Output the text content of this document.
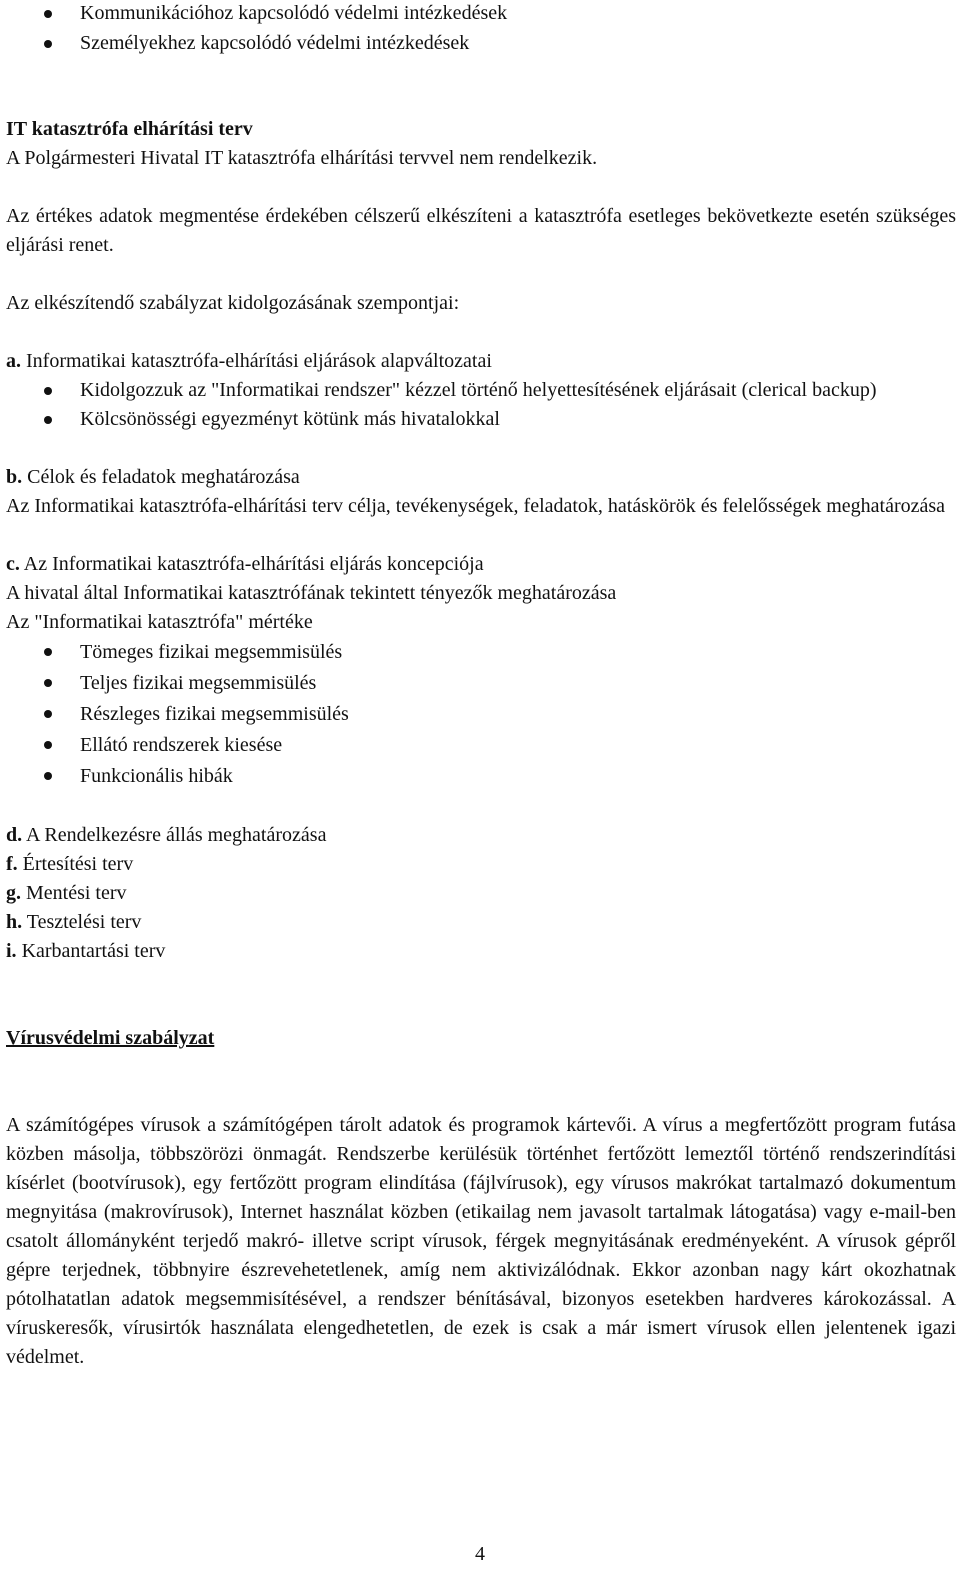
Kommunikációhoz kapcsolódó védelmi intézkedések
Személyekhez kapcsolódó védelmi intézkedések

IT katasztrófa elhárítási terv

A Polgármesteri Hivatal IT katasztrófa elhárítási tervvel nem rendelkezik.

Az értékes adatok megmentése érdekében célszerű elkészíteni a katasztrófa esetleges bekövetkezte esetén szükséges eljárási renet.

Az elkészítendő szabályzat kidolgozásának szempontjai:

a. Informatikai katasztrófa-elhárítási eljárások alapváltozatai

Kidolgozzuk az "Informatikai rendszer" kézzel történő helyettesítésének eljárásait (clerical backup)
Kölcsönösségi egyezményt kötünk más hivatalokkal

b. Célok és feladatok meghatározása

Az Informatikai katasztrófa-elhárítási terv célja, tevékenységek, feladatok, hatáskörök és felelősségek meghatározása

c. Az Informatikai katasztrófa-elhárítási eljárás koncepciója

A hivatal által Informatikai katasztrófának tekintett tényezők meghatározása

Az "Informatikai katasztrófa" mértéke

Tömeges fizikai megsemmisülés
Teljes fizikai megsemmisülés
Részleges fizikai megsemmisülés
Ellátó rendszerek kiesése
Funkcionális hibák

d. A Rendelkezésre állás meghatározása

f. Értesítési terv

g. Mentési terv

h. Tesztelési terv

i. Karbantartási terv

Vírusvédelmi szabályzat

A számítógépes vírusok a számítógépen tárolt adatok és programok kártevői. A vírus a megfertőzött program futása közben másolja, többszörözi önmagát. Rendszerbe kerülésük történhet fertőzött lemeztől történő rendszerindítási kísérlet (bootvírusok), egy fertőzött program elindítása (fájlvírusok), egy vírusos makrókat tartalmazó dokumentum megnyitása (makrovírusok), Internet használat közben (etikailag nem javasolt tartalmak látogatása) vagy e-mail-ben csatolt állományként terjedő makró- illetve script vírusok, férgek megnyitásának eredményeként. A vírusok gépről gépre terjednek, többnyire észrevehetetlenek, amíg nem aktivizálódnak. Ekkor azonban nagy kárt okozhatnak pótolhatatlan adatok megsemmisítésével, a rendszer bénításával, bizonyos esetekben hardveres károkozással. A víruskeresők, vírusirtók használata elengedhetetlen, de ezek is csak a már ismert vírusok ellen jelentenek igazi védelmet.

4
